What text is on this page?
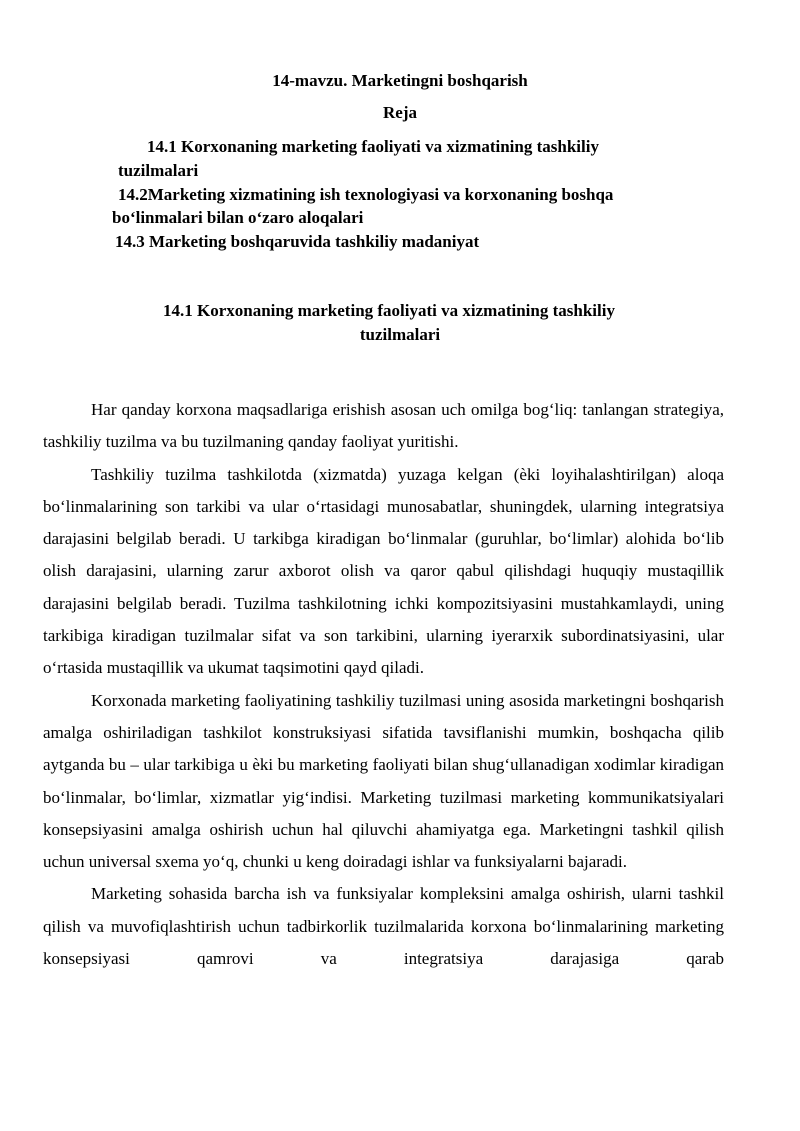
14-mavzu. Marketingni boshqarish
Reja
14.1 Korxonaning marketing faoliyati va xizmatining tashkiliy
tuzilmalari
14.2Marketing xizmatining ish texnologiyasi va korxonaning boshqa
boʻlinmalari bilan oʻzaro aloqalari
14.3 Marketing boshqaruvida tashkiliy madaniyat
14.1 Korxonaning marketing faoliyati va xizmatining tashkiliy
tuzilmalari

Har qanday korxona maqsadlariga erishish asosan uch omilga bogʻliq: tanlangan strategiya, tashkiliy tuzilma va bu tuzilmaning qanday faoliyat yuritishi.

Tashkiliy tuzilma tashkilotda (xizmatda) yuzaga kelgan (èki loyihalashtirilgan) aloqa boʻlinmalarining son tarkibi va ular oʻrtasidagi munosabatlar, shuningdek, ularning integratsiya darajasini belgilab beradi. U tarkibga kiradigan boʻlinmalar (guruhlar, boʻlimlar) alohida boʻlib olish darajasini, ularning zarur axborot olish va qaror qabul qilishdagi huquqiy mustaqillik darajasini belgilab beradi. Tuzilma tashkilotning ichki kompozitsiyasini mustahkamlaydi, uning tarkibiga kiradigan tuzilmalar sifat va son tarkibini, ularning iyerarxik subordinatsiyasini, ular oʻrtasida mustaqillik va ukumat taqsimotini qayd qiladi.

Korxonada marketing faoliyatining tashkiliy tuzilmasi uning asosida marketingni boshqarish amalga oshiriladigan tashkilot konstruksiyasi sifatida tavsiflanishi mumkin, boshqacha qilib aytganda bu – ular tarkibiga u èki bu marketing faoliyati bilan shugʻullanadigan xodimlar kiradigan boʻlinmalar, boʻlimlar, xizmatlar yigʻindisi. Marketing tuzilmasi marketing kommunikatsiyalari konsepsiyasini amalga oshirish uchun hal qiluvchi ahamiyatga ega. Marketingni tashkil qilish uchun universal sxema yoʻq, chunki u keng doiradagi ishlar va funksiyalarni bajaradi.

Marketing sohasida barcha ish va funksiyalar kompleksini amalga oshirish, ularni tashkil qilish va muvofiqlashtirish uchun tadbirkorlik tuzilmalarida korxona boʻlinmalarining marketing konsepsiyasi qamrovi va integratsiya darajasiga qarab
